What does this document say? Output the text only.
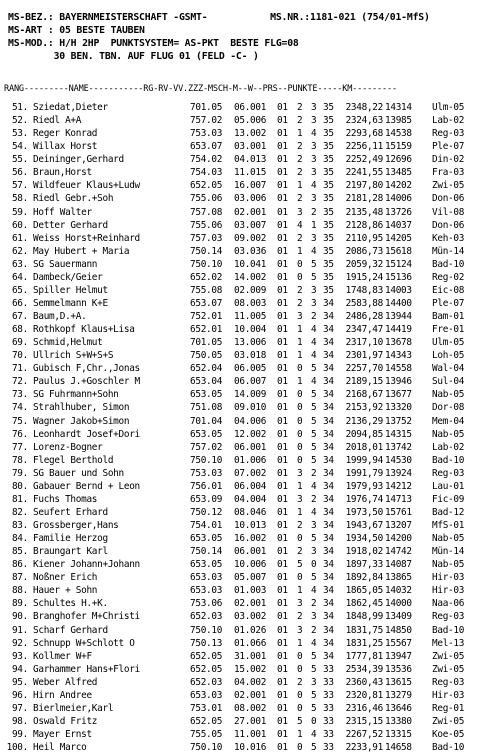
MS-BEZ.: BAYERNMEISTERSCHAFT -GSMT-           MS.NR.:1181-021 (754/01-MfS)
MS-ART : 05 BESTE TAUBEN
MS-MOD.: H/H 2HP  PUNKTSYSTEM= AS-PKT  BESTE FLG=08
30 BEN. TBN. AUF FLUG 01 (FELD -C- )
RANG---------NAME-----------RG-RV-VV.ZZZ-MSCH-M--W--PRS--PUNKTE-----KM---------
51. Sziedat,Dieter	701.05	06.001	01 2 3 35	2348,22 14314	Ulm-05
52. Riedl A+A	757.02	05.006	01 2 3 35	2324,63 13985	Lab-02
53. Reger Konrad	753.03	13.002	01 1 4 35	2293,68 14538	Reg-03
54. Willax Horst	653.07	03.001	01 2 3 35	2256,11 15159	Ple-07
55. Deininger,Gerhard	754.02	04.013	01 2 3 35	2252,49 12696	Din-02
56. Braun,Horst	754.03	11.015	01 2 3 35	2241,55 13485	Fra-03
57. Wildfeuer Klaus+Ludw	652.05	16.007	01 1 4 35	2197,80 14202	Zwi-05
58. Riedl Gebr.+Soh	755.06	03.006	01 2 3 35	2181,28 14006	Don-06
59. Hoff Walter	757.08	02.001	01 3 2 35	2135,48 13726	Vil-08
60. Detter Gerhard	755.06	03.007	01 4 1 35	2128,86 14037	Don-06
61. Weiss Horst+Reinhard	757.03	09.002	01 2 3 35	2110,95 14205	Keh-03
62. May Hubert + Maria	750.14	03.036	01 1 4 35	2086,73 15618	Mün-14
63. SG Sauermann	750.10	10.041	01 0 5 35	2059,32 15124	Bad-10
64. Dambeck/Geier	652.02	14.002	01 0 5 35	1915,24 15136	Reg-02
65. Spiller Helmut	755.08	02.009	01 2 3 35	1748,83 14003	Eic-08
66. Semmelmann K+E	653.07	08.003	01 2 3 34	2583,88 14400	Ple-07
67. Baum,D.+A.	752.01	11.005	01 3 2 34	2486,28 13944	Bam-01
68. Rothkopf Klaus+Lisa	652.01	10.004	01 1 4 34	2347,47 14419	Fre-01
69. Schmid,Helmut	701.05	13.006	01 1 4 34	2317,10 13678	Ulm-05
70. Ullrich S+W+S+S	750.05	03.018	01 1 4 34	2301,97 14343	Loh-05
71. Gubisch F,Chr.,Jonas	652.04	06.005	01 0 5 34	2257,70 14558	Wal-04
72. Paulus J.+Goschler M	653.04	06.007	01 1 4 34	2189,15 13946	Sul-04
73. SG Fuhrmann+Sohn	653.05	14.009	01 0 5 34	2168,67 13677	Nab-05
74. Strahlhuber, Simon	751.08	09.010	01 0 5 34	2153,92 13320	Dor-08
75. Wagner Jakob+Simon	701.04	04.006	01 0 5 34	2136,29 13752	Mem-04
76. Leonhardt Josef+Dori	653.05	12.002	01 0 5 34	2094,85 14315	Nab-05
77. Lorenz-Bogner	757.02	06.001	01 0 5 34	2018,01 13742	Lab-02
78. Flegel Berthold	750.10	01.006	01 0 5 34	1999,94 14530	Bad-10
79. SG Bauer und Sohn	753.03	07.002	01 3 2 34	1991,79 13924	Reg-03
80. Gabauer Bernd + Leon	756.01	06.004	01 1 4 34	1979,93 14212	Lau-01
81. Fuchs Thomas	653.09	04.004	01 3 2 34	1976,74 14713	Fic-09
82. Seufert Erhard	750.12	08.046	01 1 4 34	1973,50 15761	Bad-12
83. Grossberger,Hans	754.01	10.013	01 2 3 34	1943,67 13207	MfS-01
84. Familie Herzog	653.05	16.002	01 0 5 34	1934,50 14200	Nab-05
85. Braungart Karl	750.14	06.001	01 2 3 34	1918,02 14742	Mün-14
86. Kiener Johann+Johann	653.05	10.006	01 5 0 34	1897,33 14087	Nab-05
87. Noßner Erich	653.03	05.007	01 0 5 34	1892,84 13865	Hir-03
88. Hauer + Sohn	653.03	01.003	01 1 4 34	1865,05 14032	Hir-03
89. Schultes H.+K.	753.06	02.001	01 3 2 34	1862,45 14000	Naa-06
90. Branghofer M+Christi	652.03	03.002	01 2 3 34	1848,99 13409	Reg-03
91. Scharf Gerhard	750.10	01.026	01 3 2 34	1831,75 14850	Bad-10
92. Schnupp W+Schlott O	750.13	01.066	01 1 4 34	1831,25 15567	Mel-13
93. Kollmer W+F	652.05	31.001	01 0 5 34	1777,81 13947	Zwi-05
94. Garhammer Hans+Flori	652.05	15.002	01 0 5 33	2534,39 13536	Zwi-05
95. Weber Alfred	652.03	04.002	01 2 3 33	2360,43 13615	Reg-03
96. Hirn Andree	653.03	02.001	01 0 5 33	2320,81 13279	Hir-03
97. Bierlmeier,Karl	753.01	08.002	01 0 5 33	2316,46 13646	Reg-01
98. Oswald Fritz	652.05	27.001	01 5 0 33	2315,15 13380	Zwi-05
99. Mayer Ernst	755.05	11.001	01 1 4 33	2267,52 13315	Koe-05
100. Heil Marco	750.10	10.016	01 0 5 33	2233,91 14658	Bad-10
